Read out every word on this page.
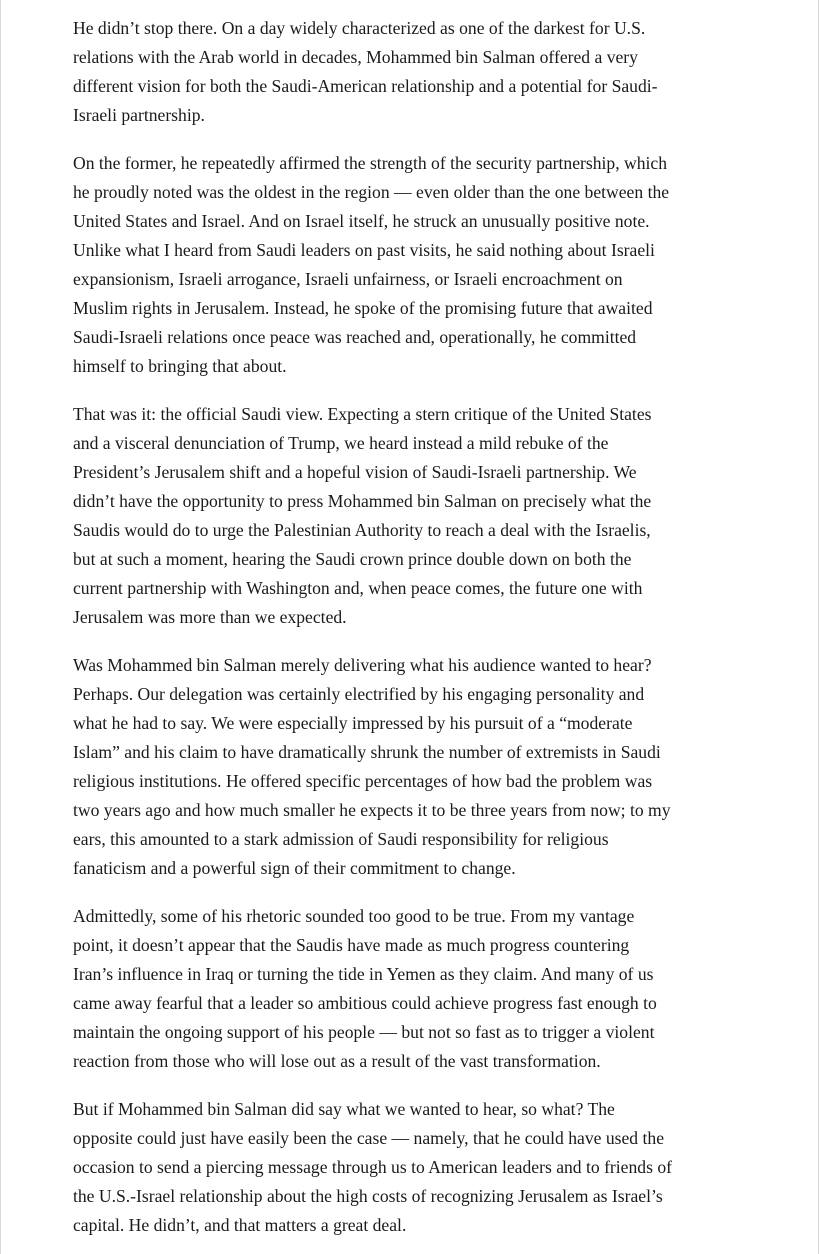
He didn’t stop there. On a day widely characterized as one of the darkest for U.S.
relations with the Arab world in decades, Mohammed bin Salman offered a very
different vision for both the Saudi-American relationship and a potential for Saudi-
Israeli partnership.

On the former, he repeatedly affirmed the strength of the security partnership, which
he proudly noted was the oldest in the region — even older than the one between the
United States and Israel. And on Israel itself, he struck an unusually positive note.
Unlike what I heard from Saudi leaders on past visits, he said nothing about Israeli
expansionism, Israeli arrogance, Israeli unfairness, or Israeli encroachment on
Muslim rights in Jerusalem. Instead, he spoke of the promising future that awaited
Saudi-Israeli relations once peace was reached and, operationally, he committed
himself to bringing that about.

That was it: the official Saudi view. Expecting a stern critique of the United States
and a visceral denunciation of Trump, we heard instead a mild rebuke of the
President’s Jerusalem shift and a hopeful vision of Saudi-Israeli partnership. We
didn’t have the opportunity to press Mohammed bin Salman on precisely what the
Saudis would do to urge the Palestinian Authority to reach a deal with the Israelis,
but at such a moment, hearing the Saudi crown prince double down on both the
current partnership with Washington and, when peace comes, the future one with
Jerusalem was more than we expected.

Was Mohammed bin Salman merely delivering what his audience wanted to hear?
Perhaps. Our delegation was certainly electrified by his engaging personality and
what he had to say. We were especially impressed by his pursuit of a “moderate
Islam” and his claim to have dramatically shrunk the number of extremists in Saudi
religious institutions. He offered specific percentages of how bad the problem was
two years ago and how much smaller he expects it to be three years from now; to my
ears, this amounted to a stark admission of Saudi responsibility for religious
fanaticism and a powerful sign of their commitment to change.

Admittedly, some of his rhetoric sounded too good to be true. From my vantage
point, it doesn’t appear that the Saudis have made as much progress countering
Iran’s influence in Iraq or turning the tide in Yemen as they claim. And many of us
came away fearful that a leader so ambitious could achieve progress fast enough to
maintain the ongoing support of his people — but not so fast as to trigger a violent
reaction from those who will lose out as a result of the vast transformation.

But if Mohammed bin Salman did say what we wanted to hear, so what? The
opposite could just have easily been the case — namely, that he could have used the
occasion to send a piercing message through us to American leaders and to friends of
the U.S.-Israel relationship about the high costs of recognizing Jerusalem as Israel’s
capital. He didn’t, and that matters a great deal.
